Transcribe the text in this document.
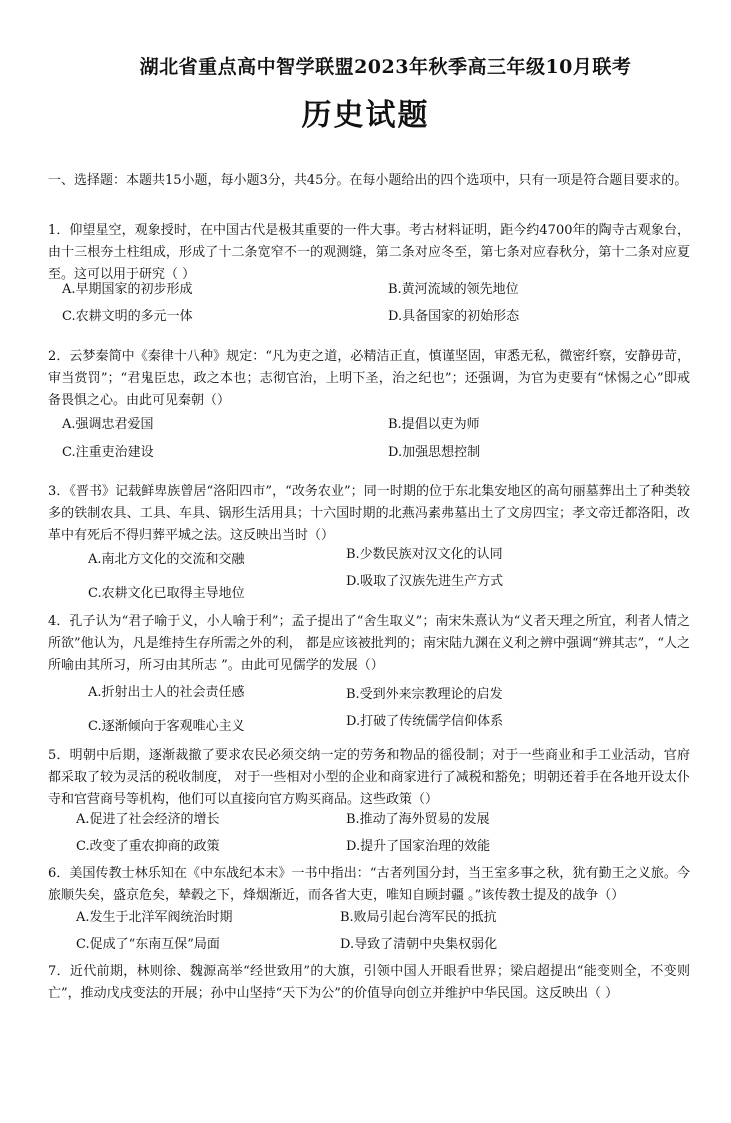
湖北省重点高中智学联盟2023年秋季高三年级10月联考
历史试题
一、选择题：本题共15小题，每小题3分，共45分。在每小题给出的四个选项中，只有一项是符合题目要求的。
1．仰望星空，观象授时，在中国古代是极其重要的一件大事。考古材料证明，距今约4700年的陶寺古观象台，由十三根夯土柱组成，形成了十二条宽窄不一的观测缝，第二条对应冬至，第七条对应春秋分，第十二条对应夏至。这可以用于研究（ ）
A.早期国家的初步形成	B.黄河流域的领先地位
C.农耕文明的多元一体	D.具备国家的初始形态
2．云梦秦简中《秦律十八种》规定：“凡为吏之道，必精洁正直，慎谨坚固，审悉无私，微密纤察，安静毋苛，审当赏罚”；“君鬼臣忠，政之本也；志彻官治，上明下圣，治之纪也”；还强调，为官为吏要有“怵惕之心”即戒备畏惧之心。由此可见秦朝（）
A.强调忠君爱国	B.提倡以吏为师
C.注重吏治建设	D.加强思想控制
3．《晋书》记载鲜卑族曾居“洛阳四市”，“改务农业”；同一时期的位于东北集安地区的高句丽墓葬出土了种类较多的铁制农具、工具、车具、锅形生活用具；十六国时期的北燕冯素弗墓出土了文房四宝；孝文帝迁都洛阳，改革中有死后不得归葬平城之法。这反映出当时（）
A.南北方文化的交流和交融	B.少数民族对汉文化的认同
C.农耕文化已取得主导地位
D.吸取了汉族先进生产方式
4．孔子认为“君子喻于义，小人喻于利”；孟子提出了“舍生取义”；南宋朱熹认为“义者天理之所宜，利者人情之所欲”他认为，凡是维持生存所需之外的利， 都是应该被批判的；南宋陆九渊在义利之辨中强调“辨其志”，“人之所喻由其所习，所习由其所志 ”。由此可见儒学的发展（）
A.折射出士人的社会责任感	B.受到外来宗教理论的启发
C.逐渐倾向于客观唯心主义	D.打破了传统儒学信仰体系
5．明朝中后期，逐渐裁撤了要求农民必须交纳一定的劳务和物品的徭役制；对于一些商业和手工业活动，官府都采取了较为灵活的税收制度， 对于一些相对小型的企业和商家进行了减税和豁免；明朝还着手在各地开设太仆寺和官营商号等机构，他们可以直接向官方购买商品。这些政策（）
A.促进了社会经济的增长	B.推动了海外贸易的发展
C.改变了重农抑商的政策	D.提升了国家治理的效能
6．美国传教士林乐知在《中东战纪本末》一书中指出：“古者列国分封，当王室多事之秋，犹有勤王之义旅。今旅顺失矣，盛京危矣，辇毂之下，烽烟渐近，而各省大吏，唯知自顾封疆 。”该传教士提及的战争（）
A.发生于北洋军阀统治时期	B.败局引起台湾军民的抵抗
C.促成了“东南互保”局面	D.导致了清朝中央集权弱化
7．近代前期，林则徐、魏源高举“经世致用”的大旗，引领中国人开眼看世界；梁启超提出“能变则全，不变则亡”，推动戊戌变法的开展；孙中山坚持“天下为公”的价值导向创立并维护中华民国。这反映出（ ）
